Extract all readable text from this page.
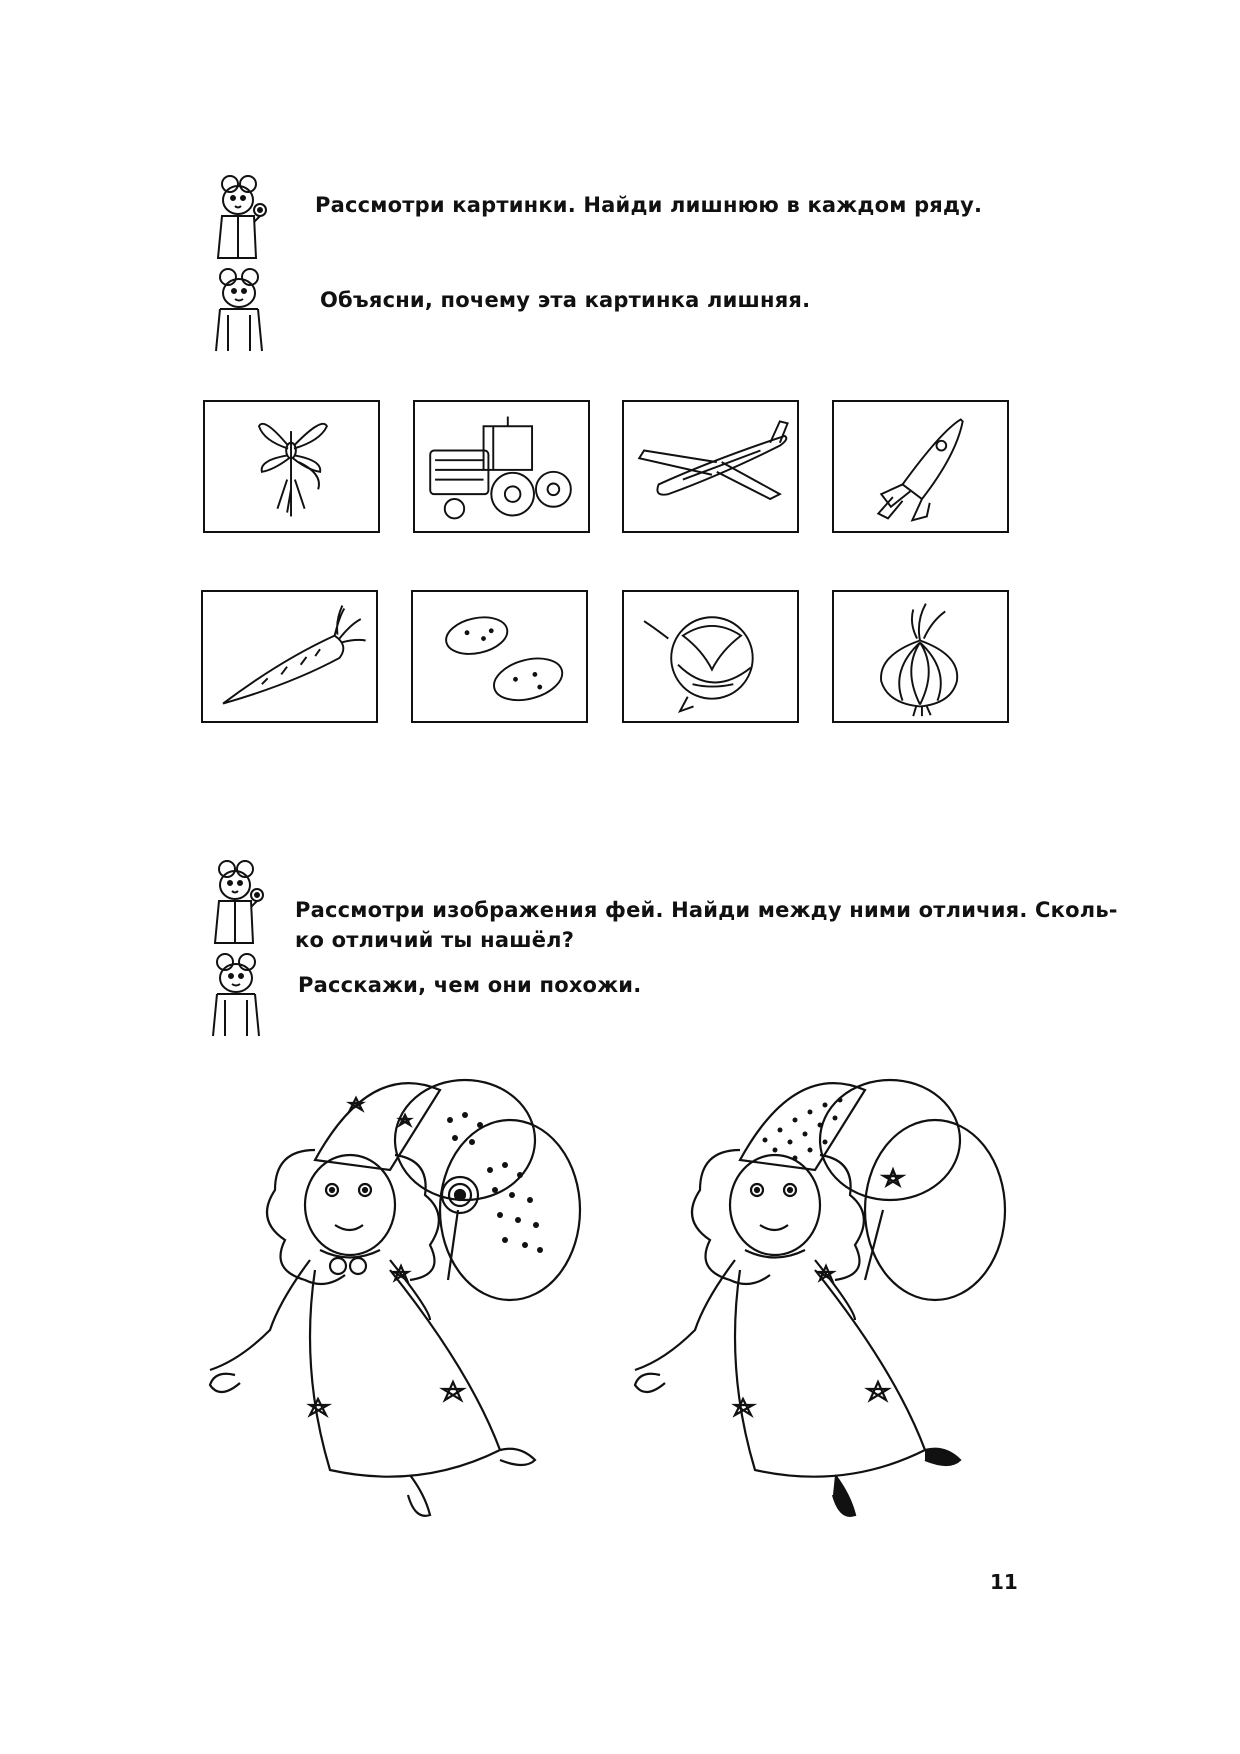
Рассмотри картинки. Найди лишнюю в каждом ряду.
Объясни, почему эта картинка лишняя.
Рассмотри изображения фей. Найди между ними отличия. Сколь-
ко отличий ты нашёл?
Расскажи, чем они похожи.
11
